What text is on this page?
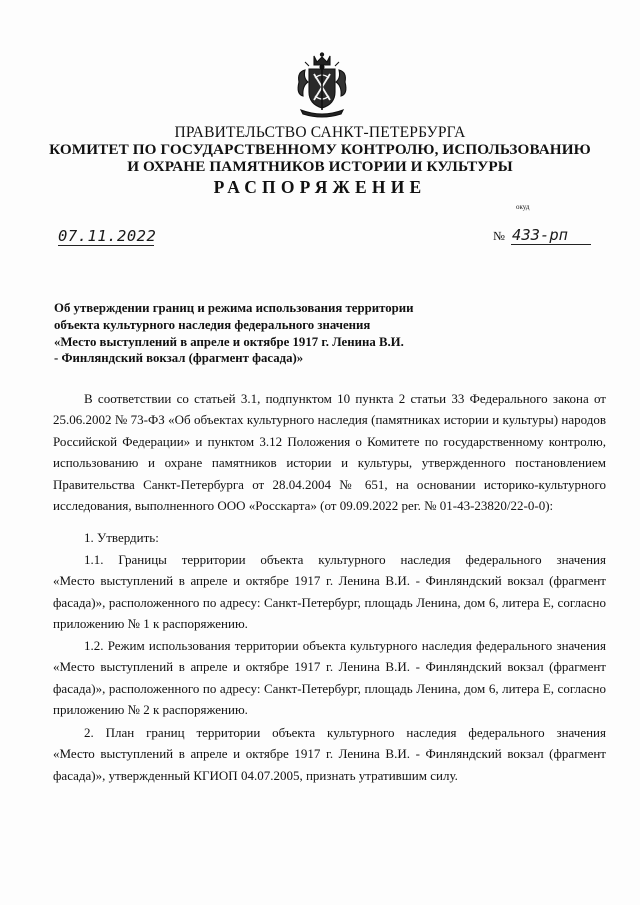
ПРАВИТЕЛЬСТВО САНКТ-ПЕТЕРБУРГА
КОМИТЕТ ПО ГОСУДАРСТВЕННОМУ КОНТРОЛЮ, ИСПОЛЬЗОВАНИЮ
И ОХРАНЕ ПАМЯТНИКОВ ИСТОРИИ И КУЛЬТУРЫ
РАСПОРЯЖЕНИЕ
окуд
07.11.2022	№ 433-рп
Об утверждении границ и режима использования территории
объекта культурного наследия федерального значения
«Место выступлений в апреле и октябре 1917 г. Ленина В.И.
- Финляндский вокзал (фрагмент фасада)»
В соответствии со статьей 3.1, подпунктом 10 пункта 2 статьи 33 Федерального закона от
25.06.2002 № 73-ФЗ «Об объектах культурного наследия (памятниках истории и культуры) народов
Российской Федерации» и пунктом 3.12 Положения о Комитете по государственному контролю,
использованию и охране памятников истории и культуры, утвержденного постановлением
Правительства Санкт-Петербурга от 28.04.2004 № 651, на основании историко-культурного
исследования, выполненного ООО «Росскарта» (от 09.09.2022 рег. № 01-43-23820/22-0-0):
1. Утвердить:
1.1. Границы территории объекта культурного наследия федерального значения
«Место выступлений в апреле и октябре 1917 г. Ленина В.И. - Финляндский вокзал (фрагмент
фасада)», расположенного по адресу: Санкт-Петербург, площадь Ленина, дом 6, литера Е, согласно
приложению № 1 к распоряжению.
1.2. Режим использования территории объекта культурного наследия федерального значения
«Место выступлений в апреле и октябре 1917 г. Ленина В.И. - Финляндский вокзал (фрагмент
фасада)», расположенного по адресу: Санкт-Петербург, площадь Ленина, дом 6, литера Е, согласно
приложению № 2 к распоряжению.
2. План границ территории объекта культурного наследия федерального значения
«Место выступлений в апреле и октябре 1917 г. Ленина В.И. - Финляндский вокзал (фрагмент
фасада)», утвержденный КГИОП 04.07.2005, признать утратившим силу.
